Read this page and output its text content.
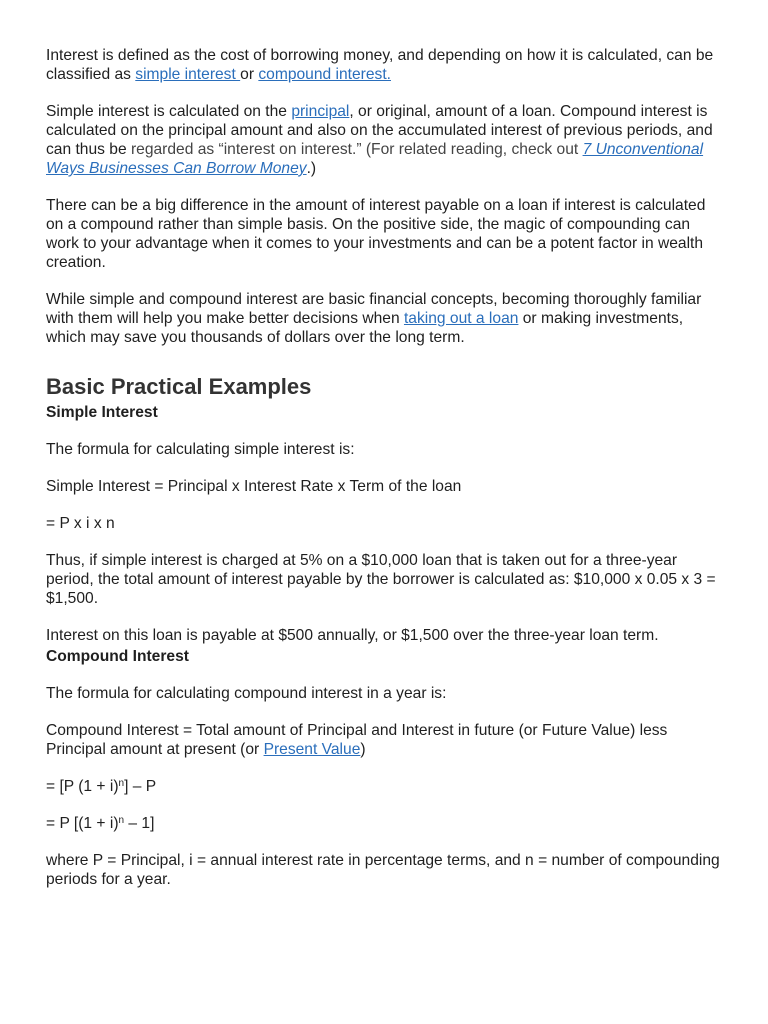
Interest is defined as the cost of borrowing money, and depending on how it is calculated, can be classified as simple interest or compound interest.

Simple interest is calculated on the principal, or original, amount of a loan. Compound interest is calculated on the principal amount and also on the accumulated interest of previous periods, and can thus be regarded as “interest on interest.” (For related reading, check out 7 Unconventional Ways Businesses Can Borrow Money.)

There can be a big difference in the amount of interest payable on a loan if interest is calculated on a compound rather than simple basis. On the positive side, the magic of compounding can work to your advantage when it comes to your investments and can be a potent factor in wealth creation.

While simple and compound interest are basic financial concepts, becoming thoroughly familiar with them will help you make better decisions when taking out a loan or making investments, which may save you thousands of dollars over the long term.

Basic Practical Examples

Simple Interest

The formula for calculating simple interest is:

Simple Interest = Principal x Interest Rate x Term of the loan

= P x i x n

Thus, if simple interest is charged at 5% on a $10,000 loan that is taken out for a three-year period, the total amount of interest payable by the borrower is calculated as: $10,000 x 0.05 x 3 = $1,500.

Interest on this loan is payable at $500 annually, or $1,500 over the three-year loan term.

Compound Interest

The formula for calculating compound interest in a year is:

Compound Interest = Total amount of Principal and Interest in future (or Future Value) less Principal amount at present (or Present Value)

= [P $(1 + i)^n] - P$

= P $[(1 + i)^n - 1]$

where P = Principal, i = annual interest rate in percentage terms, and n = number of compounding periods for a year.
